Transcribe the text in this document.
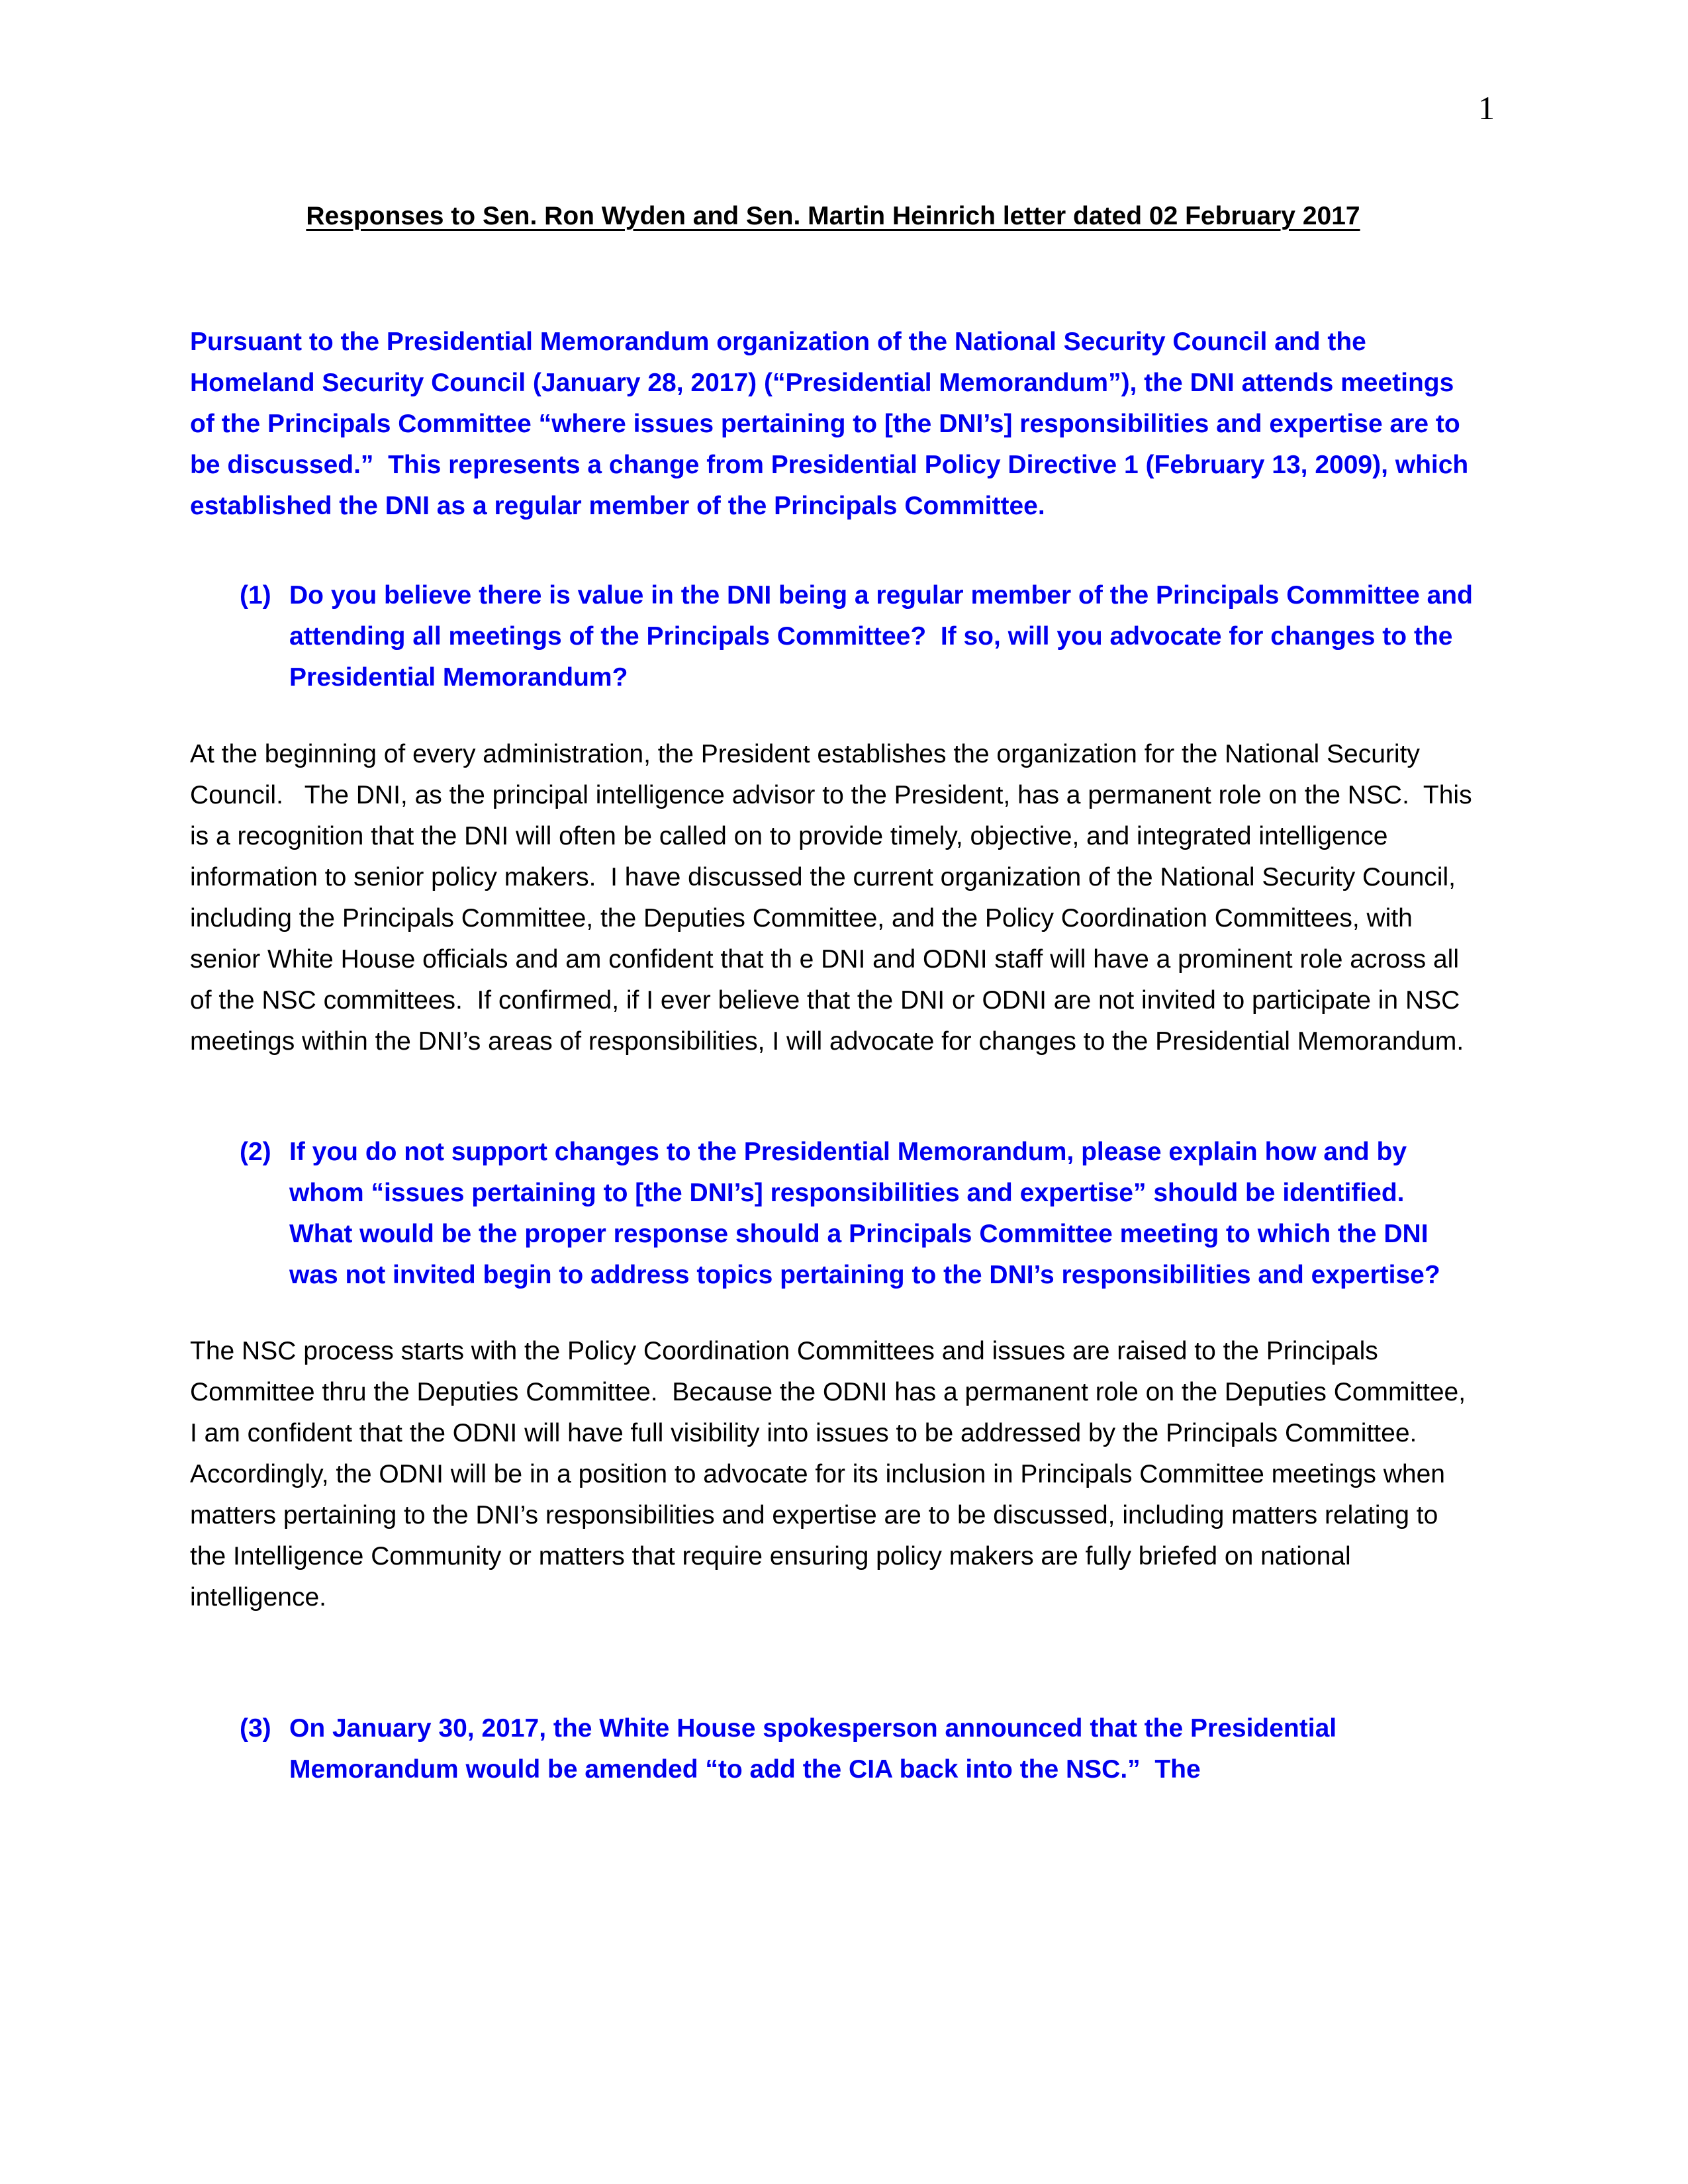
1
Responses to Sen. Ron Wyden and Sen. Martin Heinrich letter dated 02 February 2017

Pursuant to the Presidential Memorandum organization of the National Security Council and the Homeland Security Council (January 28, 2017) (“Presidential Memorandum”), the DNI attends meetings of the Principals Committee “where issues pertaining to [the DNI’s] responsibilities and expertise are to be discussed.”  This represents a change from Presidential Policy Directive 1 (February 13, 2009), which established the DNI as a regular member of the Principals Committee.

(1) Do you believe there is value in the DNI being a regular member of the Principals Committee and attending all meetings of the Principals Committee?  If so, will you advocate for changes to the Presidential Memorandum?

At the beginning of every administration, the President establishes the organization for the National Security Council.   The DNI, as the principal intelligence advisor to the President, has a permanent role on the NSC.  This is a recognition that the DNI will often be called on to provide timely, objective, and integrated intelligence information to senior policy makers.  I have discussed the current organization of the National Security Council, including the Principals Committee, the Deputies Committee, and the Policy Coordination Committees, with senior White House officials and am confident that th e DNI and ODNI staff will have a prominent role across all of the NSC committees.  If confirmed, if I ever believe that the DNI or ODNI are not invited to participate in NSC meetings within the DNI’s areas of responsibilities, I will advocate for changes to the Presidential Memorandum.

(2) If you do not support changes to the Presidential Memorandum, please explain how and by whom “issues pertaining to [the DNI’s] responsibilities and expertise” should be identified.  What would be the proper response should a Principals Committee meeting to which the DNI was not invited begin to address topics pertaining to the DNI’s responsibilities and expertise?

The NSC process starts with the Policy Coordination Committees and issues are raised to the Principals Committee thru the Deputies Committee.  Because the ODNI has a permanent role on the Deputies Committee, I am confident that the ODNI will have full visibility into issues to be addressed by the Principals Committee.   Accordingly, the ODNI will be in a position to advocate for its inclusion in Principals Committee meetings when matters pertaining to the DNI’s responsibilities and expertise are to be discussed, including matters relating to the Intelligence Community or matters that require ensuring policy makers are fully briefed on national intelligence.

(3) On January 30, 2017, the White House spokesperson announced that the Presidential Memorandum would be amended “to add the CIA back into the NSC.”  The
